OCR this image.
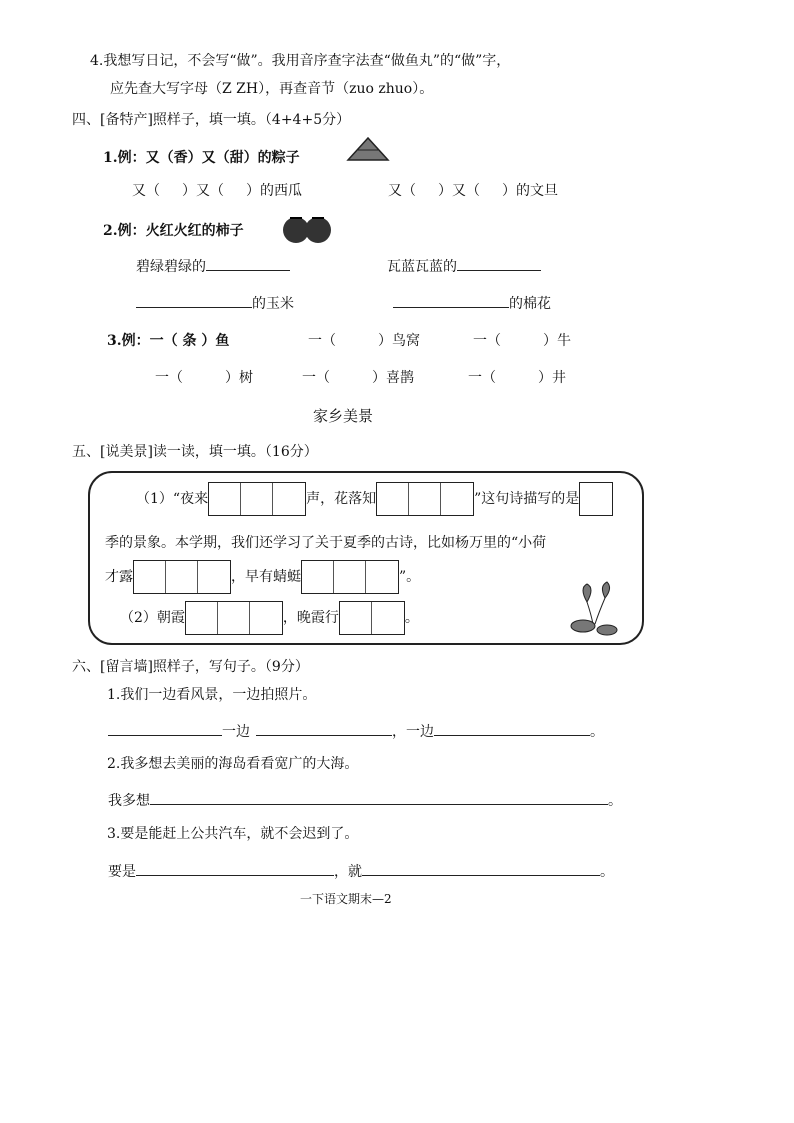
4.我想写日记，不会写“做”。我用音序查字法查“做鱼丸”的“做”字，
应先查大写字母（Z ZH），再查音节（zuo zhuo）。
四、[备特产]照样子，填一填。（4+4+5分）
1.例：又（香）又（甜）的粽子
又（ ）又（ ）的西瓜	又（ ）又（ ）的文旦
2.例：火红火红的柿子
碧绿碧绿的	瓦蓝瓦蓝的
的玉米	的棉花
3.例：一（ 条 ）鱼	一（　　　）鸟窝	一（　　　）牛
一（　　　）树	一（　　　）喜鹊	一（　　　）井
家乡美景
五、[说美景]读一读，填一填。（16分）
（1）“夜来	声，花落知	”这句诗描写的是
季的景象。本学期，我们还学习了关于夏季的古诗，比如杨万里的“小荷
才露	，早有蜻蜓	”。
（2）朝霞	，晚霞行	。
六、[留言墙]照样子，写句子。（9分）
1.我们一边看风景，一边拍照片。
一边	，一边	。
2.我多想去美丽的海岛看看宽广的大海。
我多想	。
3.要是能赶上公共汽车，就不会迟到了。
要是	，就	。
一下语文期末—2
